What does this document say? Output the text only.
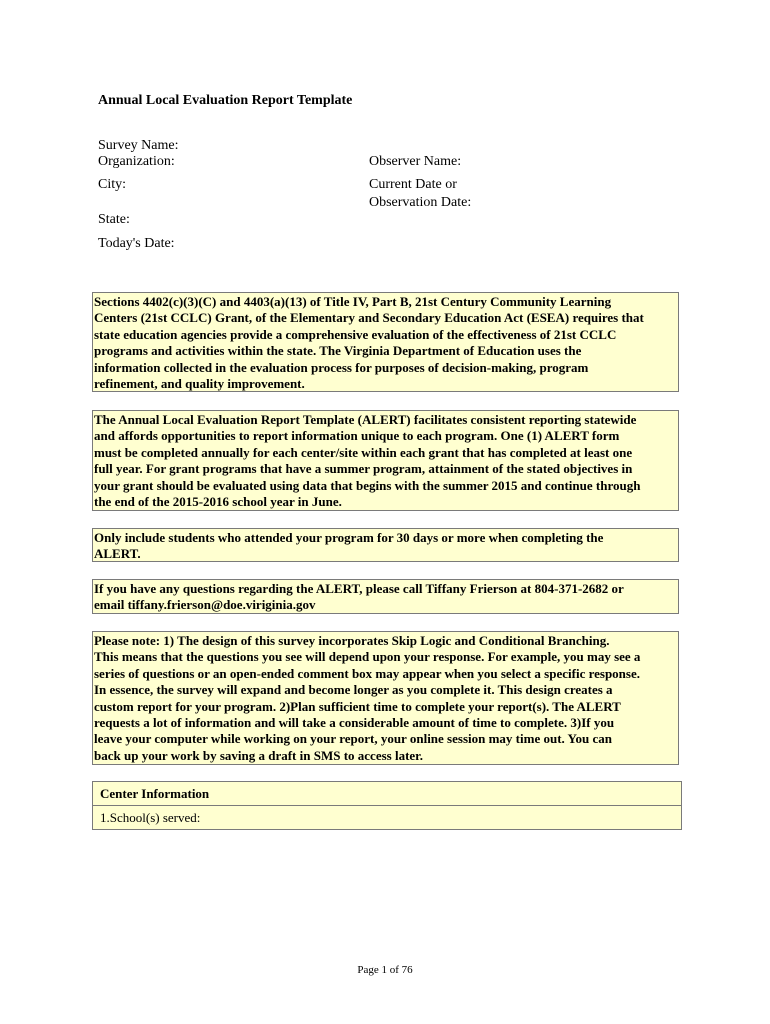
Annual Local Evaluation Report Template
Survey Name:
Organization:	Observer Name:
City:	Current Date or
Observation Date:
State:
Today's Date:
Sections 4402(c)(3)(C) and 4403(a)(13) of Title IV, Part B, 21st Century Community Learning
Centers (21st CCLC) Grant, of the Elementary and Secondary Education Act (ESEA) requires that
state education agencies provide a comprehensive evaluation of the effectiveness of 21st CCLC
programs and activities within the state. The Virginia Department of Education uses the
information collected in the evaluation process for purposes of decision-making, program
refinement, and quality improvement.
The Annual Local Evaluation Report Template (ALERT) facilitates consistent reporting statewide
and affords opportunities to report information unique to each program. One (1) ALERT form
must be completed annually for each center/site within each grant that has completed at least one
full year. For grant programs that have a summer program, attainment of the stated objectives in
your grant should be evaluated using data that begins with the summer 2015 and continue through
the end of the 2015-2016 school year in June.
Only include students who attended your program for 30 days or more when completing the
ALERT.
If you have any questions regarding the ALERT, please call Tiffany Frierson at 804-371-2682 or
email tiffany.frierson@doe.viriginia.gov
Please note: 1) The design of this survey incorporates Skip Logic and Conditional Branching.
This means that the questions you see will depend upon your response. For example, you may see a
series of questions or an open-ended comment box may appear when you select a specific response.
In essence, the survey will expand and become longer as you complete it. This design creates a
custom report for your program. 2)Plan sufficient time to complete your report(s). The ALERT
requests a lot of information and will take a considerable amount of time to complete. 3)If you
leave your computer while working on your report, your online session may time out. You can
back up your work by saving a draft in SMS to access later.
Center Information
1.School(s) served:
Page 1 of 76
